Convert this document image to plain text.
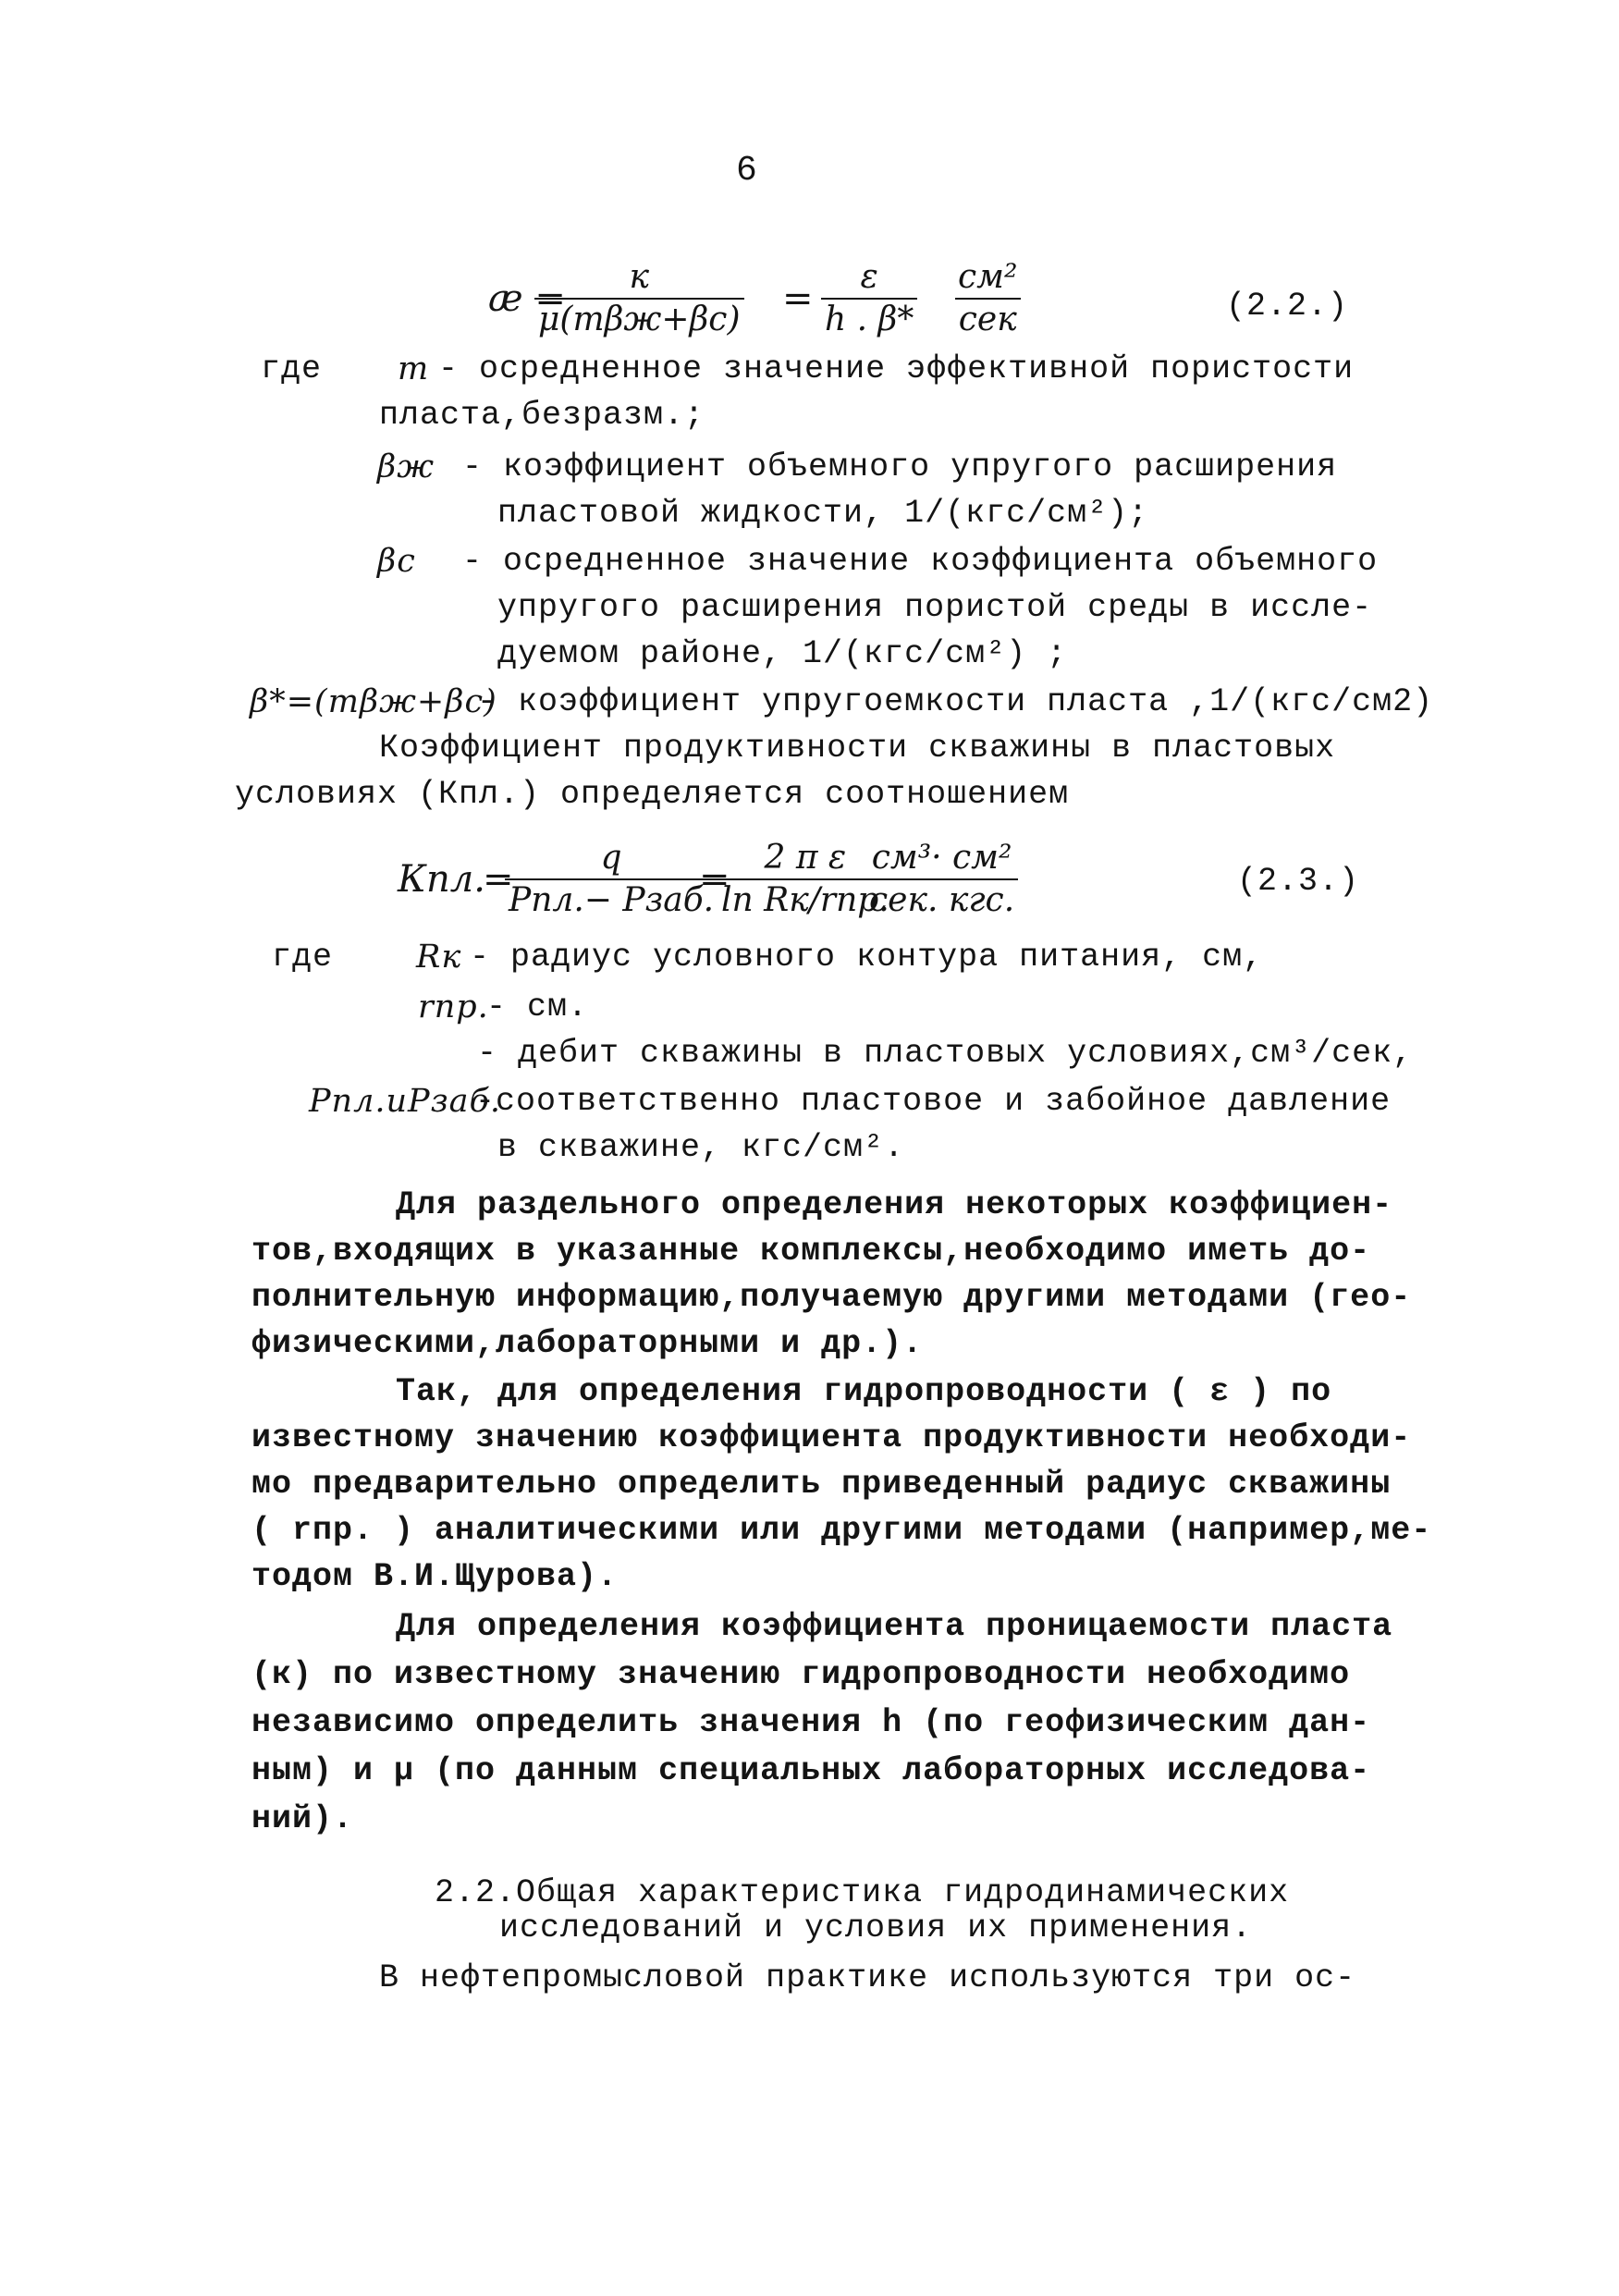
6
æ =
к
$\mu(m\beta ж+\beta с) = \frac{\varepsilon}{h . \beta*} см^2$
сек	(2.2.)
где m - осредненное значение эффективной пористости
пласта,безразм.;
βж - коэффициент объемного упругого расширения
пластовой жидкости, 1/(кгс/см²);
βс - осредненное значение коэффициента объемного
упругого расширения пористой среды в иссле-
дуемом районе, 1/(кгс/см²) ;
β*=(mβж+βс)
- коэффициент упругоемкости пласта ,1/(кгс/см2)
Коэффициент продуктивности скважины в пластовых
условиях (Кпл.) определяется соотношением
Кпл.
=
q
Pпл.− Pзаб.
=
2 π ε
ln Rк/rпр.
см³· см²
сек. кгс.	(2.3.)
где	Rк - радиус условного контура питания, см,
rпр.
- см.
- дебит скважины в пластовых условиях,см³/сек,
Рпл.иРзаб.
-соответственно пластовое и забойное давление
в скважине, кгс/см².
Для раздельного определения некоторых коэффициен-
тов,входящих в указанные комплексы,необходимо иметь до-
полнительную информацию,получаемую другими методами (гео-
физическими,лабораторными и др.).
Так, для определения гидропроводности ( ε ) по
известному значению коэффициента продуктивности необходи-
мо предварительно определить приведенный радиус скважины
( rпр. ) аналитическими или другими методами (например,ме-
тодом В.И.Щурова).
Для определения коэффициента проницаемости пласта
(к) по известному значению гидропроводности необходимо
независимо определить значения h (по геофизическим дан-
ным) и μ (по данным специальных лабораторных исследова-
ний).
2.2.Общая характеристика гидродинамических
исследований и условия их применения.
В нефтепромысловой практике используются три ос-
